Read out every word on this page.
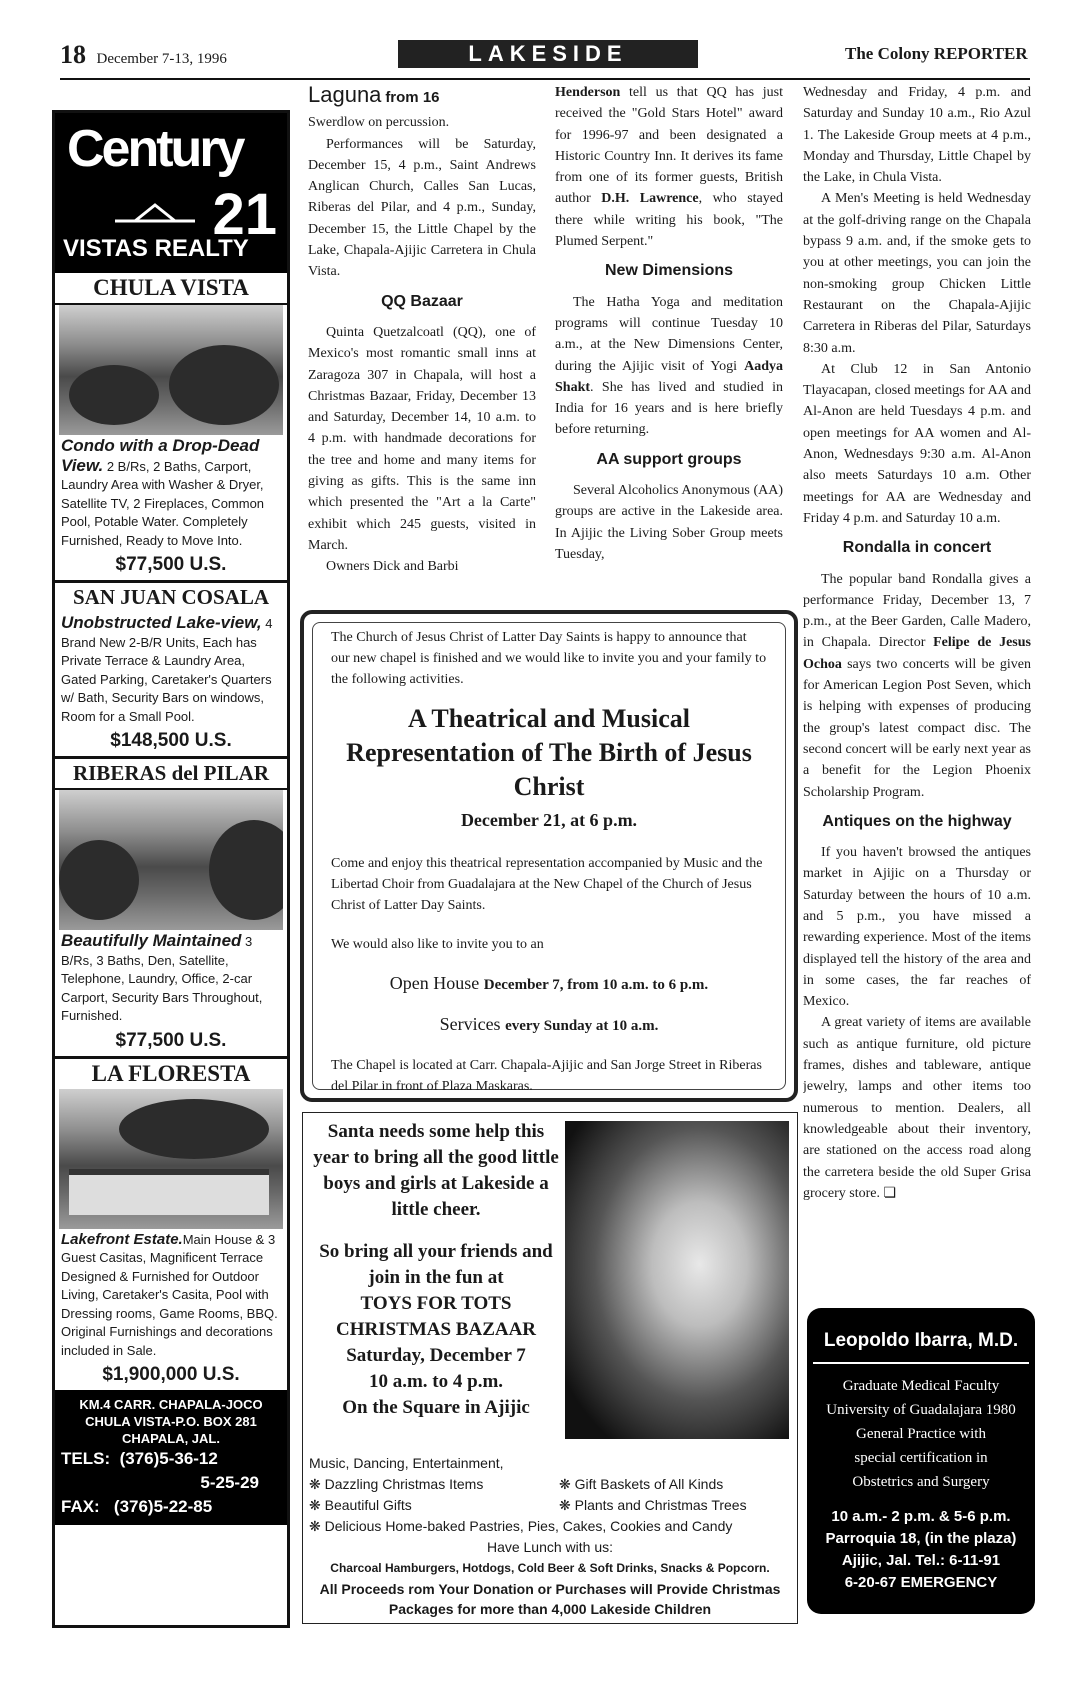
18 December 7-13, 1996	LAKESIDE	The Colony REPORTER
Century
21
VISTAS REALTY
CHULA VISTA
Condo with a Drop-Dead View. 2 B/Rs, 2 Baths, Carport, Laundry Area with Washer & Dryer, Satellite TV, 2 Fireplaces, Common Pool, Potable Water. Completely Furnished, Ready to Move Into.
$77,500 U.S.
SAN JUAN COSALA
Unobstructed Lake-view, 4 Brand New 2-B/R Units, Each has Private Terrace & Laundry Area, Gated Parking, Caretaker's Quarters w/ Bath, Security Bars on windows, Room for a Small Pool.
$148,500 U.S.
RIBERAS del PILAR
Beautifully Maintained 3 B/Rs, 3 Baths, Den, Satellite, Telephone, Laundry, Office, 2-car Carport, Security Bars Throughout, Furnished.
$77,500 U.S.
LA FLORESTA
Lakefront Estate.Main House & 3 Guest Casitas, Magnificent Terrace Designed & Furnished for Outdoor Living, Caretaker's Casita, Pool with Dressing rooms, Game Rooms, BBQ. Original Furnishings and decorations included in Sale.
$1,900,000 U.S.
KM.4 CARR. CHAPALA-JOCO
CHULA VISTA-P.O. BOX 281
CHAPALA, JAL.
TELS: (376)5-36-12
5-25-29
FAX: (376)5-22-85
Laguna from 16

Swerdlow on percussion.

Performances will be Saturday, December 15, 4 p.m., Saint Andrews Anglican Church, Calles San Lucas, Riberas del Pilar, and 4 p.m., Sunday, December 15, the Little Chapel by the Lake, Chapala-Ajijic Carretera in Chula Vista.

QQ Bazaar

Quinta Quetzalcoatl (QQ), one of Mexico's most romantic small inns at Zaragoza 307 in Chapala, will host a Christmas Bazaar, Friday, December 13 and Saturday, December 14, 10 a.m. to 4 p.m. with handmade decorations for the tree and home and many items for giving as gifts. This is the same inn which presented the "Art a la Carte" exhibit which 245 guests, visited in March.

Owners Dick and Barbi

Henderson tell us that QQ has just received the "Gold Stars Hotel" award for 1996-97 and been designated a Historic Country Inn. It derives its fame from one of its former guests, British author D.H. Lawrence, who stayed there while writing his book, "The Plumed Serpent."

New Dimensions

The Hatha Yoga and meditation programs will continue Tuesday 10 a.m., at the New Dimensions Center, during the Ajijic visit of Yogi Aadya Shakt. She has lived and studied in India for 16 years and is here briefly before returning.

AA support groups

Several Alcoholics Anonymous (AA) groups are active in the Lakeside area. In Ajijic the Living Sober Group meets Tuesday,

Wednesday and Friday, 4 p.m. and Saturday and Sunday 10 a.m., Rio Azul 1. The Lakeside Group meets at 4 p.m., Monday and Thursday, Little Chapel by the Lake, in Chula Vista.

A Men's Meeting is held Wednesday at the golf-driving range on the Chapala bypass 9 a.m. and, if the smoke gets to you at other meetings, you can join the non-smoking group Chicken Little Restaurant on the Chapala-Ajijic Carretera in Riberas del Pilar, Saturdays 8:30 a.m.

At Club 12 in San Antonio Tlayacapan, closed meetings for AA and Al-Anon are held Tuesdays 4 p.m. and open meetings for AA women and Al-Anon, Wednesdays 9:30 a.m. Al-Anon also meets Saturdays 10 a.m. Other meetings for AA are Wednesday and Friday 4 p.m. and Saturday 10 a.m.

Rondalla in concert

The popular band Rondalla gives a performance Friday, December 13, 7 p.m., at the Beer Garden, Calle Madero, in Chapala. Director Felipe de Jesus Ochoa says two concerts will be given for American Legion Post Seven, which is helping with expenses of producing the group's latest compact disc. The second concert will be early next year as a benefit for the Legion Phoenix Scholarship Program.

Antiques on the highway

If you haven't browsed the antiques market in Ajijic on a Thursday or Saturday between the hours of 10 a.m. and 5 p.m., you have missed a rewarding experience. Most of the items displayed tell the history of the area and in some cases, the far reaches of Mexico.

A great variety of items are available such as antique furniture, old picture frames, dishes and tableware, antique jewelry, lamps and other items too numerous to mention. Dealers, all knowledgeable about their inventory, are stationed on the access road along the carretera beside the old Super Grisa grocery store. ❏

The Church of Jesus Christ of Latter Day Saints is happy to announce that our new chapel is finished and we would like to invite you and your family to the following activities.
A Theatrical and Musical Representation of The Birth of Jesus Christ
December 21, at 6 p.m.
Come and enjoy this theatrical representation accompanied by Music and the Libertad Choir from Guadalajara at the New Chapel of the Church of Jesus Christ of Latter Day Saints.
We would also like to invite you to an
Open House December 7, from 10 a.m. to 6 p.m.
Services every Sunday at 10 a.m.
The Chapel is located at Carr. Chapala-Ajijic and San Jorge Street in Riberas del Pilar in front of Plaza Maskaras.
Santa needs some help this year to bring all the good little boys and girls at Lakeside a little cheer.
So bring all your friends and join in the fun at
TOYS FOR TOTS CHRISTMAS BAZAAR
Saturday, December 7
10 a.m. to 4 p.m.
On the Square in Ajijic
Music, Dancing, Entertainment,
❋ Dazzling Christmas Items	❋ Gift Baskets of All Kinds
❋ Beautiful Gifts	❋ Plants and Christmas Trees
❋ Delicious Home-baked Pastries, Pies, Cakes, Cookies and Candy
Have Lunch with us:
Charcoal Hamburgers, Hotdogs, Cold Beer & Soft Drinks, Snacks & Popcorn.
All Proceeds rom Your Donation or Purchases will Provide Christmas Packages for more than 4,000 Lakeside Children
Leopoldo Ibarra, M.D.
Graduate Medical Faculty
University of Guadalajara 1980
General Practice with
special certification in
Obstetrics and Surgery
10 a.m.- 2 p.m. & 5-6 p.m.
Parroquia 18, (in the plaza)
Ajijic, Jal. Tel.: 6-11-91
6-20-67 EMERGENCY
